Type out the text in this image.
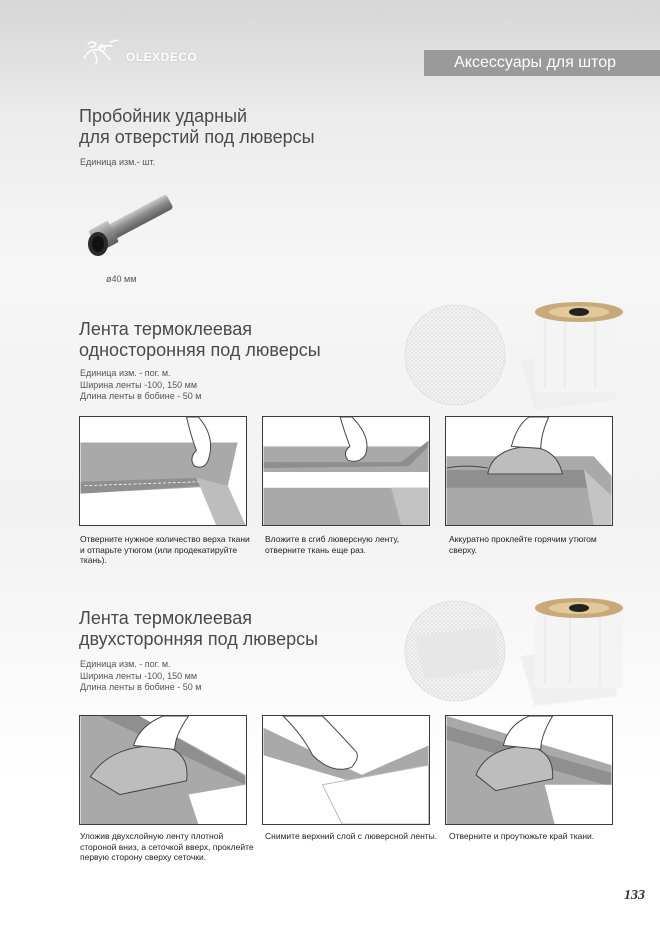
OLEXDECO	Аксессуары для штор
Пробойник ударный
для отверстий под люверсы
Единица изм.- шт.
ø40 мм
Лента термоклеевая
односторонняя под люверсы
Единица изм. - пог. м.
Ширина ленты -100, 150 мм
Длина ленты в бобине - 50 м
Отверните нужное количество верха ткани и отпарьте утюгом (или продекатируйте ткань).
Вложите в сгиб люверсную ленту, отверните ткань еще раз.
Аккуратно проклейте горячим утюгом сверху.
Лента термоклеевая
двухсторонняя под люверсы
Единица изм. - пог. м.
Ширина ленты -100, 150 мм
Длина ленты в бобине - 50 м
Уложив двухслойную ленту плотной стороной вниз, а сеточкой вверх, проклейте первую сторону сверху сеточки.
Снимите верхний слой с люверсной ленты.	Отверните и проутюжьте край ткани.
133
